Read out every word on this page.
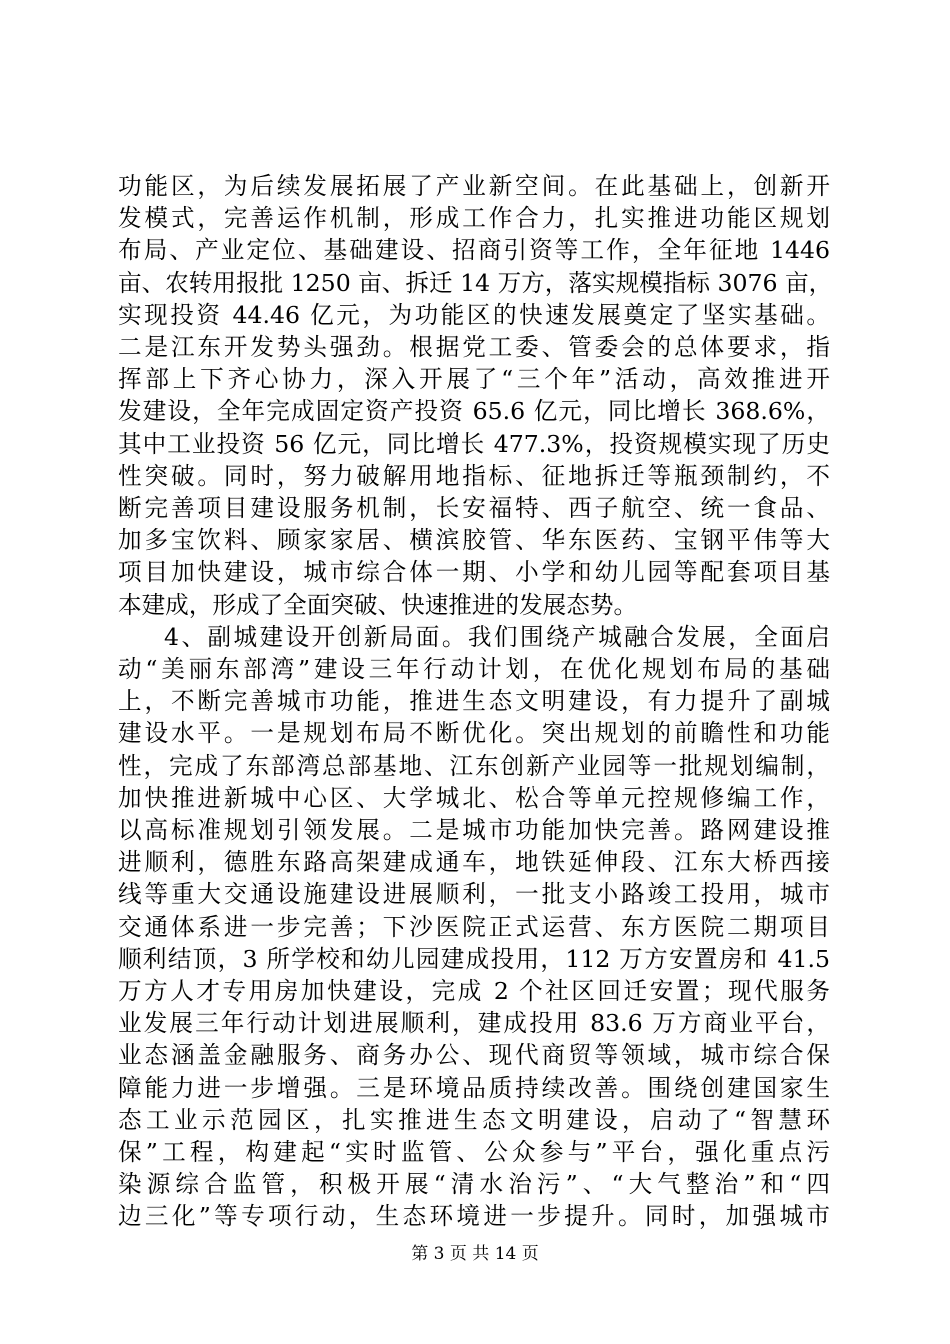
功能区，为后续发展拓展了产业新空间。在此基础上，创新开
发模式，完善运作机制，形成工作合力，扎实推进功能区规划
布局、产业定位、基础建设、招商引资等工作，全年征地 1446
亩、农转用报批 1250 亩、拆迁 14 万方，落实规模指标 3076 亩，
实现投资 44.46 亿元，为功能区的快速发展奠定了坚实基础。
二是江东开发势头强劲。根据党工委、管委会的总体要求，指
挥部上下齐心协力，深入开展了“三个年”活动，高效推进开
发建设，全年完成固定资产投资 65.6 亿元，同比增长 368.6%，
其中工业投资 56 亿元，同比增长 477.3%，投资规模实现了历史
性突破。同时，努力破解用地指标、征地拆迁等瓶颈制约，不
断完善项目建设服务机制，长安福特、西子航空、统一食品、
加多宝饮料、顾家家居、横滨胶管、华东医药、宝钢平伟等大
项目加快建设，城市综合体一期、小学和幼儿园等配套项目基
本建成，形成了全面突破、快速推进的发展态势。
4、副城建设开创新局面。我们围绕产城融合发展，全面启
动“美丽东部湾”建设三年行动计划，在优化规划布局的基础
上，不断完善城市功能，推进生态文明建设，有力提升了副城
建设水平。一是规划布局不断优化。突出规划的前瞻性和功能
性，完成了东部湾总部基地、江东创新产业园等一批规划编制，
加快推进新城中心区、大学城北、松合等单元控规修编工作，
以高标准规划引领发展。二是城市功能加快完善。路网建设推
进顺利，德胜东路高架建成通车，地铁延伸段、江东大桥西接
线等重大交通设施建设进展顺利，一批支小路竣工投用，城市
交通体系进一步完善；下沙医院正式运营、东方医院二期项目
顺利结顶，3 所学校和幼儿园建成投用，112 万方安置房和 41.5
万方人才专用房加快建设，完成 2 个社区回迁安置；现代服务
业发展三年行动计划进展顺利，建成投用 83.6 万方商业平台，
业态涵盖金融服务、商务办公、现代商贸等领域，城市综合保
障能力进一步增强。三是环境品质持续改善。围绕创建国家生
态工业示范园区，扎实推进生态文明建设，启动了“智慧环
保”工程，构建起“实时监管、公众参与”平台，强化重点污
染源综合监管，积极开展“清水治污”、“大气整治”和“四
边三化”等专项行动，生态环境进一步提升。同时，加强城市
第 3 页 共 14 页
